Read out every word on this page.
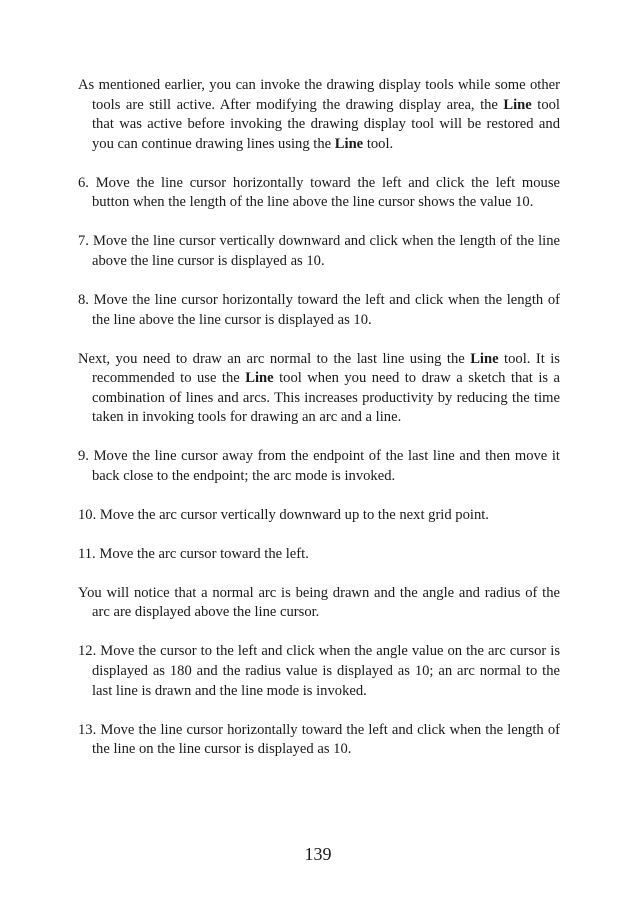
As mentioned earlier, you can invoke the drawing display tools while some other tools are still active. After modifying the drawing display area, the Line tool that was active before invoking the drawing display tool will be restored and you can continue drawing lines using the Line tool.

6. Move the line cursor horizontally toward the left and click the left mouse button when the length of the line above the line cursor shows the value 10.

7. Move the line cursor vertically downward and click when the length of the line above the line cursor is displayed as 10.

8. Move the line cursor horizontally toward the left and click when the length of the line above the line cursor is displayed as 10.

Next, you need to draw an arc normal to the last line using the Line tool. It is recommended to use the Line tool when you need to draw a sketch that is a combination of lines and arcs. This increases productivity by reducing the time taken in invoking tools for drawing an arc and a line.

9. Move the line cursor away from the endpoint of the last line and then move it back close to the endpoint; the arc mode is invoked.

10. Move the arc cursor vertically downward up to the next grid point.

11. Move the arc cursor toward the left.

You will notice that a normal arc is being drawn and the angle and radius of the arc are displayed above the line cursor.

12. Move the cursor to the left and click when the angle value on the arc cursor is displayed as 180 and the radius value is displayed as 10; an arc normal to the last line is drawn and the line mode is invoked.

13. Move the line cursor horizontally toward the left and click when the length of the line on the line cursor is displayed as 10.

139
